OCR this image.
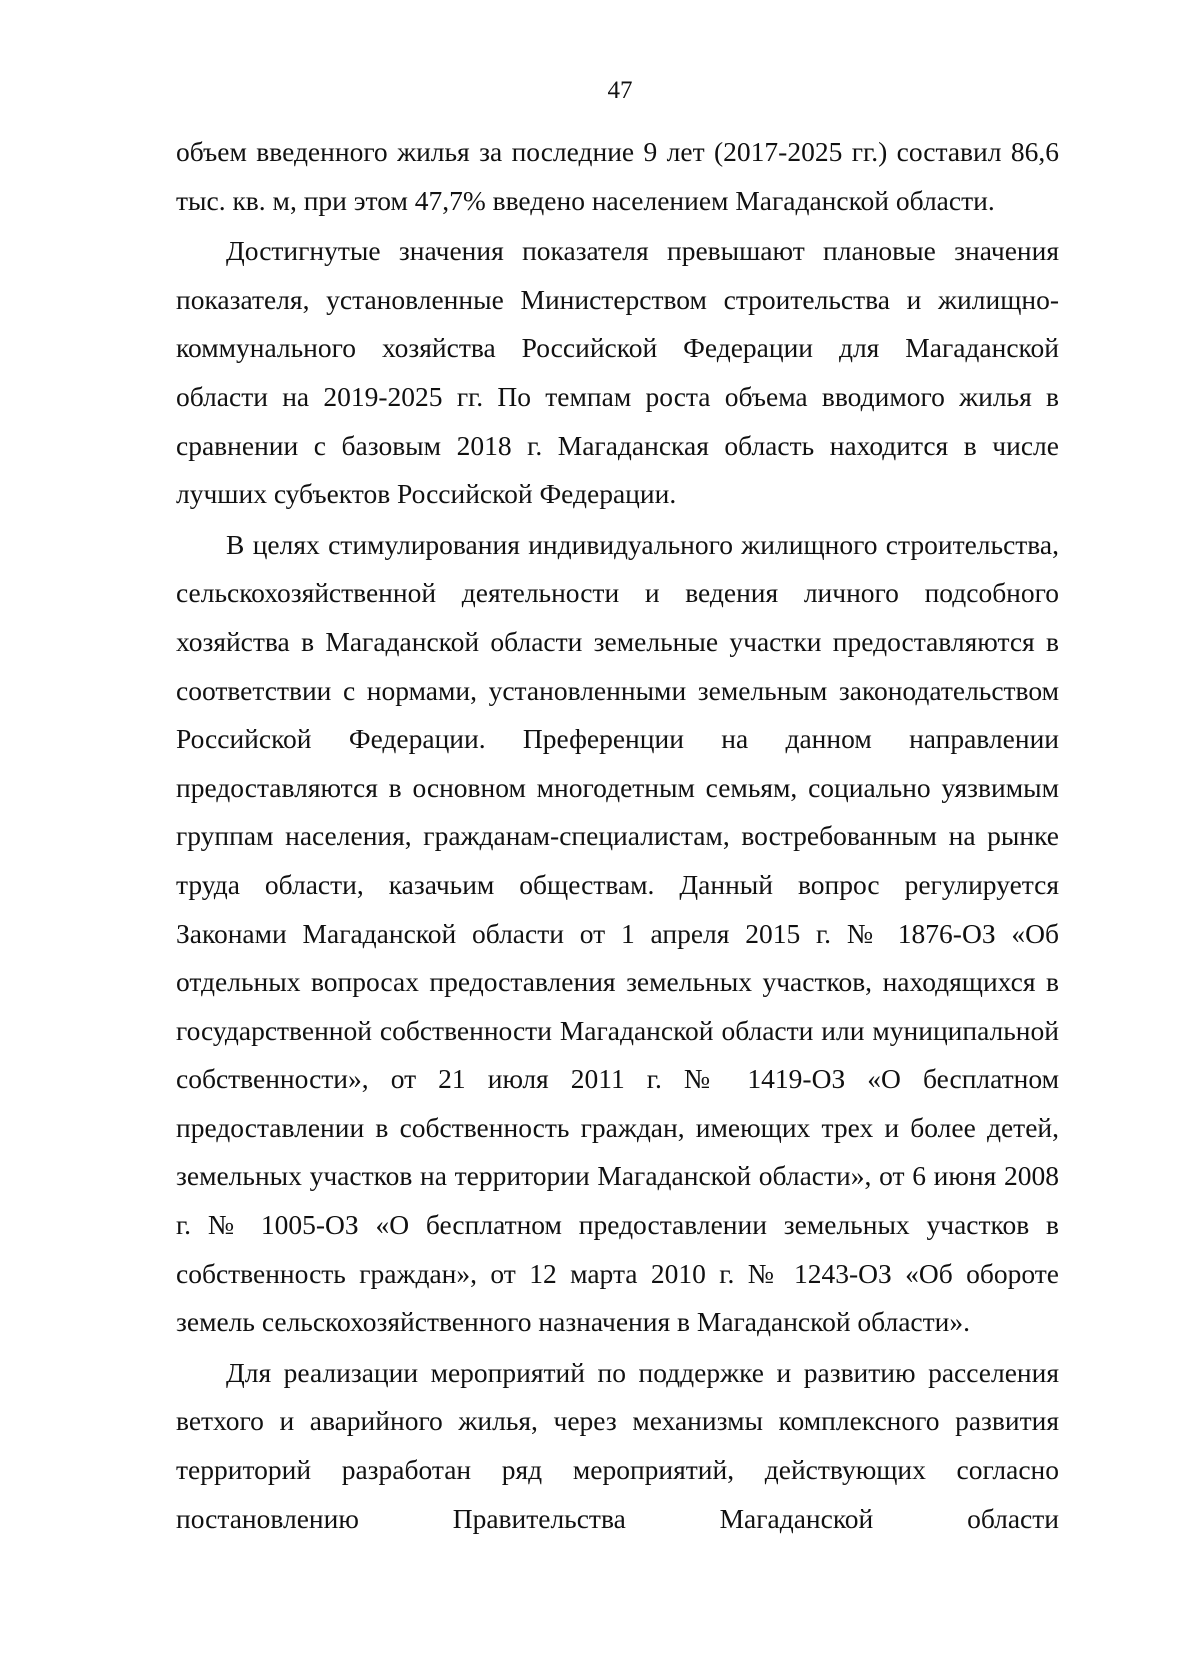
47

объем введенного жилья за последние 9 лет (2017-2025 гг.) составил 86,6 тыс. кв. м, при этом 47,7% введено населением Магаданской области.

Достигнутые значения показателя превышают плановые значения показателя, установленные Министерством строительства и жилищно-коммунального хозяйства Российской Федерации для Магаданской области на 2019-2025 гг. По темпам роста объема вводимого жилья в сравнении с базовым 2018 г. Магаданская область находится в числе лучших субъектов Российской Федерации.

В целях стимулирования индивидуального жилищного строительства, сельскохозяйственной деятельности и ведения личного подсобного хозяйства в Магаданской области земельные участки предоставляются в соответствии с нормами, установленными земельным законодательством Российской Федерации. Преференции на данном направлении предоставляются в основном многодетным семьям, социально уязвимым группам населения, гражданам-специалистам, востребованным на рынке труда области, казачьим обществам. Данный вопрос регулируется Законами Магаданской области от 1 апреля 2015 г. № 1876-ОЗ «Об отдельных вопросах предоставления земельных участков, находящихся в государственной собственности Магаданской области или муниципальной собственности», от 21 июля 2011 г. № 1419-ОЗ «О бесплатном предоставлении в собственность граждан, имеющих трех и более детей, земельных участков на территории Магаданской области», от 6 июня 2008 г. № 1005-ОЗ «О бесплатном предоставлении земельных участков в собственность граждан», от 12 марта 2010 г. № 1243-ОЗ «Об обороте земель сельскохозяйственного назначения в Магаданской области».

Для реализации мероприятий по поддержке и развитию расселения ветхого и аварийного жилья, через механизмы комплексного развития территорий разработан ряд мероприятий, действующих согласно постановлению Правительства Магаданской области
